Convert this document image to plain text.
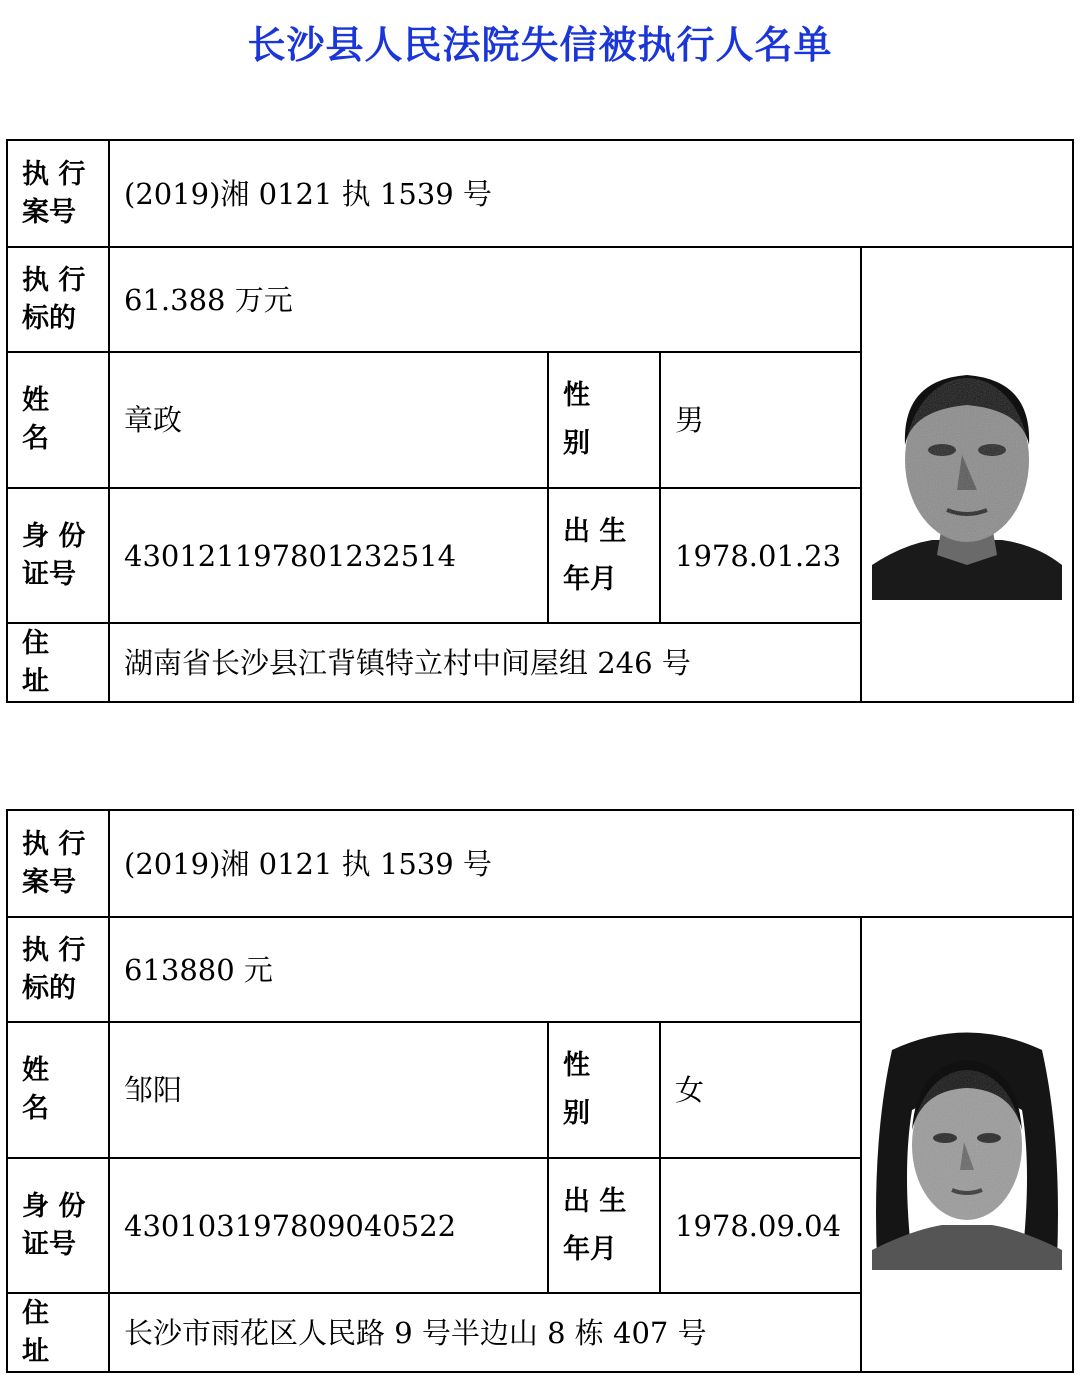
长沙县人民法院失信被执行人名单
执 行
案号
(2019)湘 0121 执 1539 号
执 行
标的
61.388 万元
姓
名
章政
性
别
男
身 份
证号
430121197801232514
出 生
年月
1978.01.23
住
址
湖南省长沙县江背镇特立村中间屋组 246 号
执 行
案号
(2019)湘 0121 执 1539 号
执 行
标的
613880 元
姓
名
邹阳
性
别
女
身 份
证号
430103197809040522
出 生
年月
1978.09.04
住
址
长沙市雨花区人民路 9 号半边山 8 栋 407 号
